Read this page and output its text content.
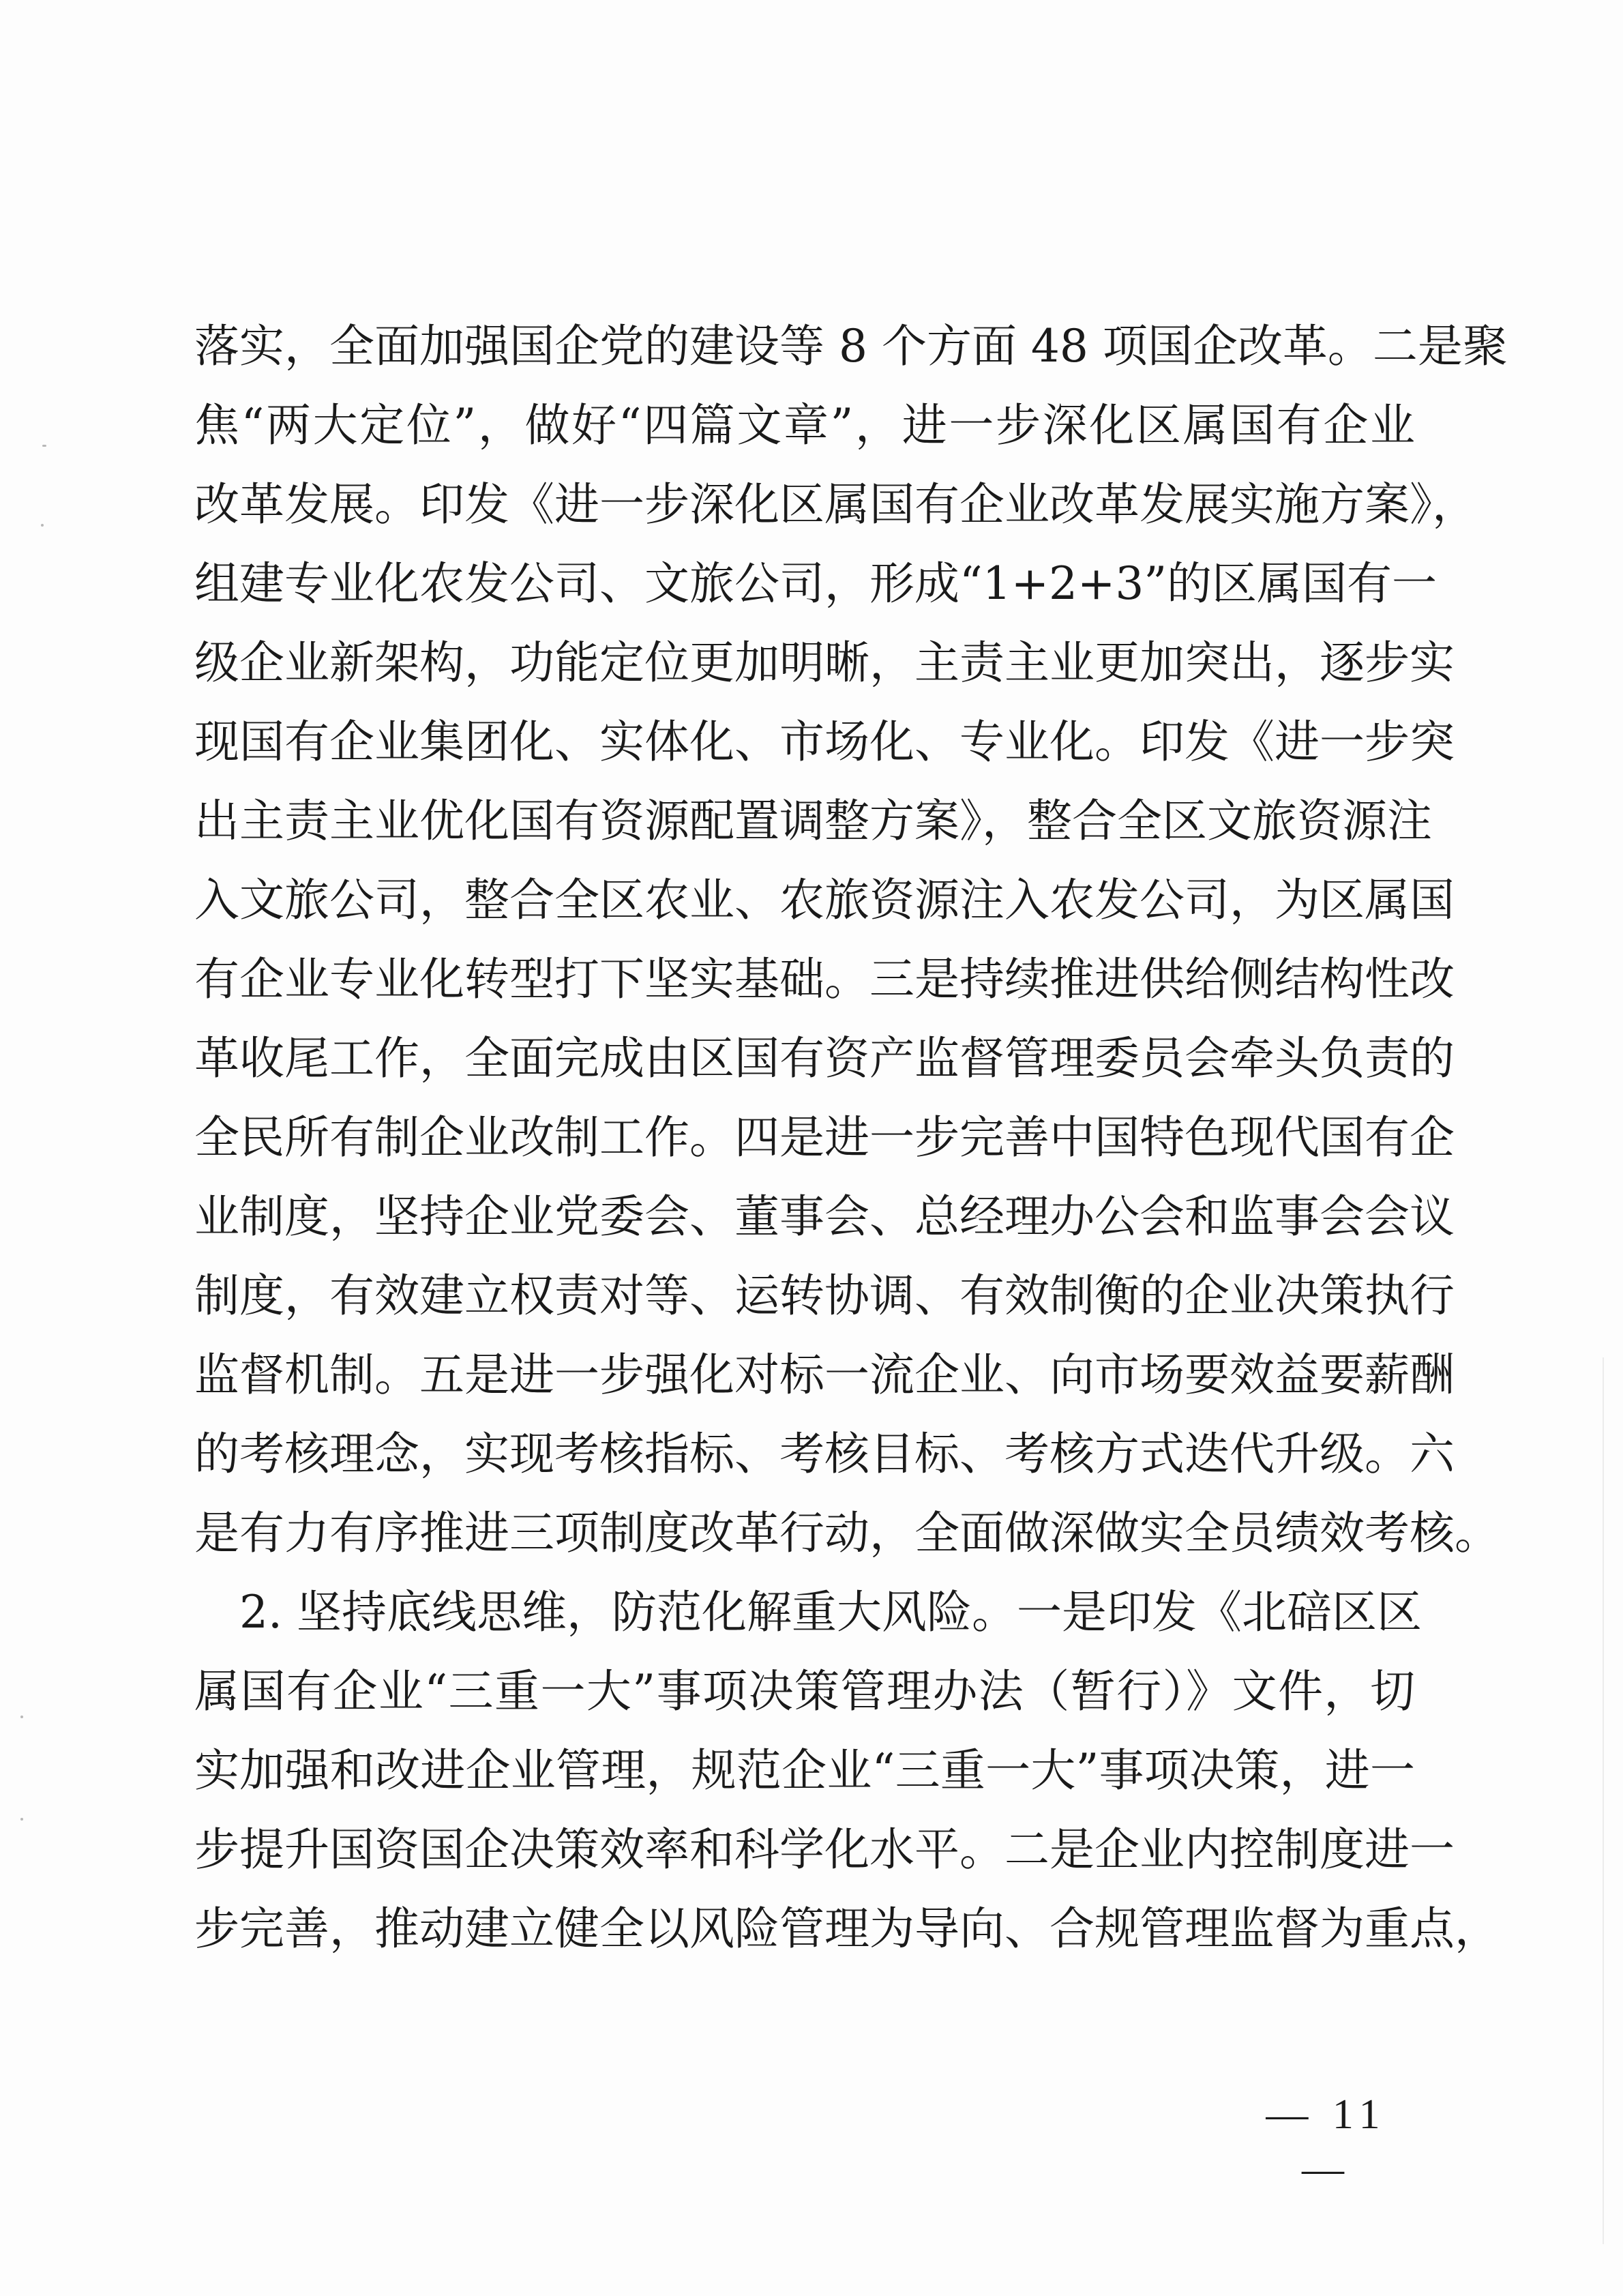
落实，全面加强国企党的建设等 8 个方面 48 项国企改革。二是聚
焦“两大定位”，做好“四篇文章”，进一步深化区属国有企业
改革发展。印发《进一步深化区属国有企业改革发展实施方案》，
组建专业化农发公司、文旅公司，形成“1+2+3”的区属国有一
级企业新架构，功能定位更加明晰，主责主业更加突出，逐步实
现国有企业集团化、实体化、市场化、专业化。印发《进一步突
出主责主业优化国有资源配置调整方案》，整合全区文旅资源注
入文旅公司，整合全区农业、农旅资源注入农发公司，为区属国
有企业专业化转型打下坚实基础。三是持续推进供给侧结构性改
革收尾工作，全面完成由区国有资产监督管理委员会牵头负责的
全民所有制企业改制工作。四是进一步完善中国特色现代国有企
业制度，坚持企业党委会、董事会、总经理办公会和监事会会议
制度，有效建立权责对等、运转协调、有效制衡的企业决策执行
监督机制。五是进一步强化对标一流企业、向市场要效益要薪酬
的考核理念，实现考核指标、考核目标、考核方式迭代升级。六
是有力有序推进三项制度改革行动，全面做深做实全员绩效考核。
　2. 坚持底线思维，防范化解重大风险。一是印发《北碚区区
属国有企业“三重一大”事项决策管理办法（暂行）》文件，切
实加强和改进企业管理，规范企业“三重一大”事项决策，进一
步提升国资国企决策效率和科学化水平。二是企业内控制度进一
步完善，推动建立健全以风险管理为导向、合规管理监督为重点，
— 11 —
